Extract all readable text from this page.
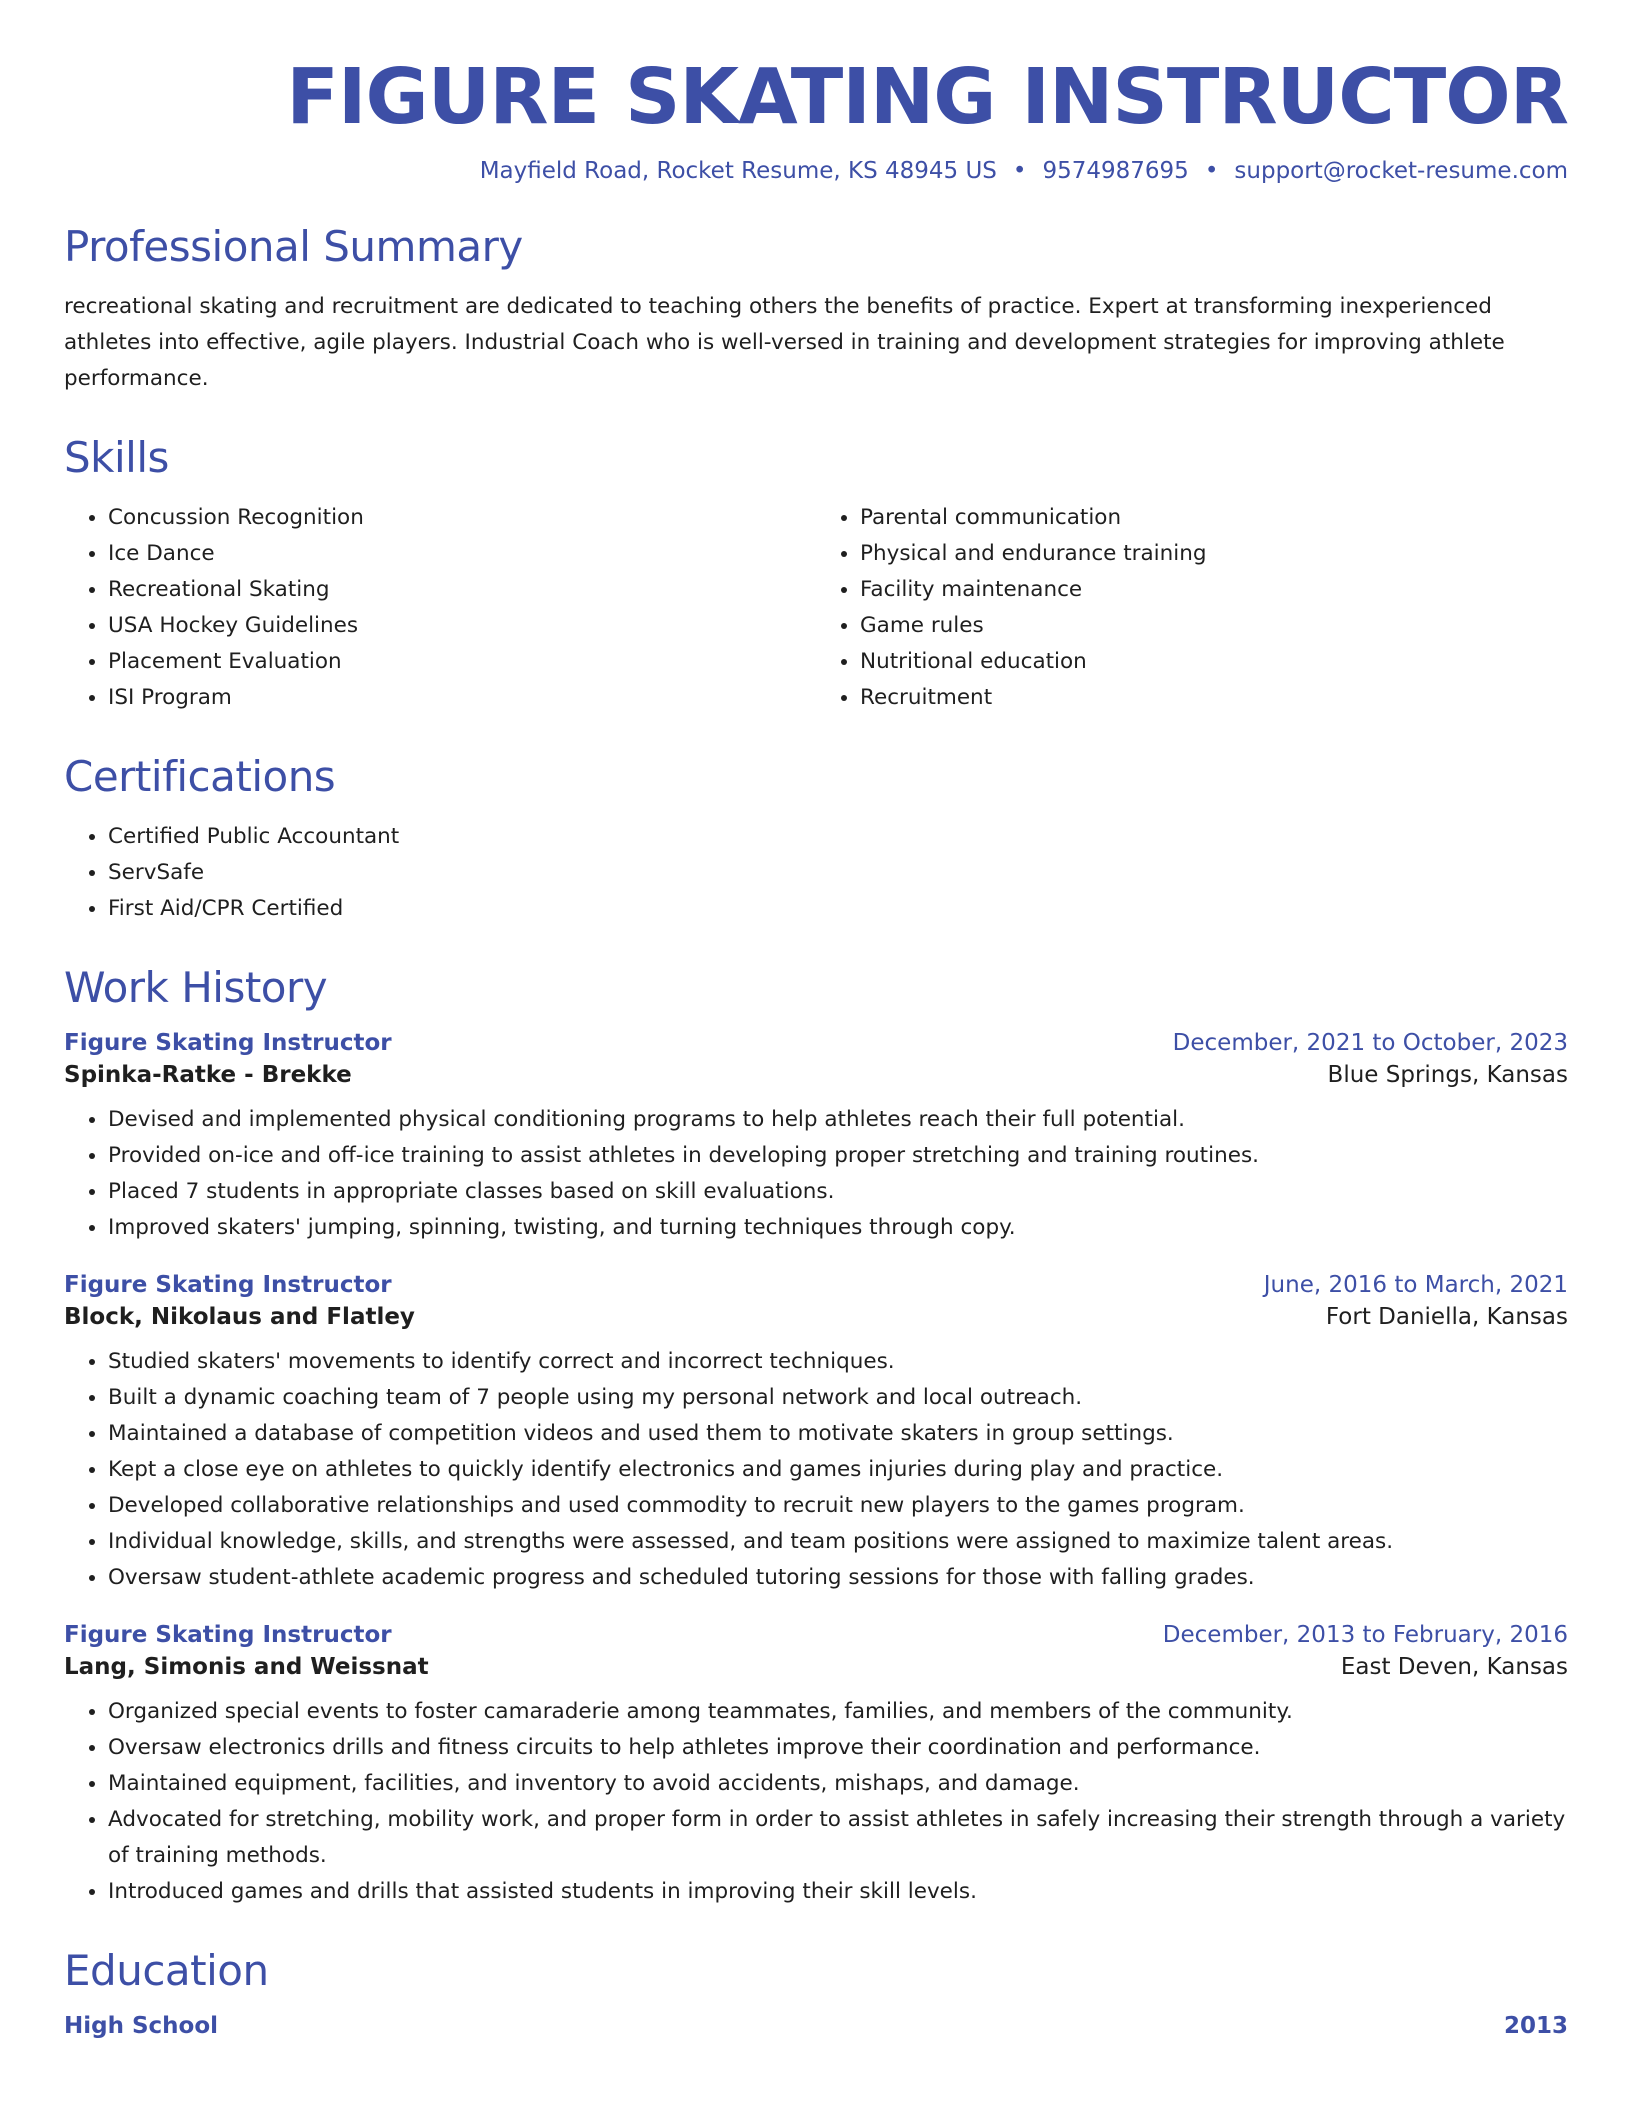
FIGURE SKATING INSTRUCTOR
Mayfield Road, Rocket Resume, KS 48945 US • 9574987695 • support@rocket-resume.com
Professional Summary

recreational skating and recruitment are dedicated to teaching others the benefits of practice. Expert at transforming inexperienced athletes into effective, agile players. Industrial Coach who is well-versed in training and development strategies for improving athlete performance.

Skills
• Concussion Recognition
• Ice Dance
• Recreational Skating
• USA Hockey Guidelines
• Placement Evaluation
• ISI Program
• Parental communication
• Physical and endurance training
• Facility maintenance
• Game rules
• Nutritional education
• Recruitment
Certifications
• Certified Public Accountant
• ServSafe
• First Aid/CPR Certified
Work History
Figure Skating Instructor	December, 2021 to October, 2023
Spinka-Ratke - Brekke	Blue Springs, Kansas
• Devised and implemented physical conditioning programs to help athletes reach their full potential.
• Provided on-ice and off-ice training to assist athletes in developing proper stretching and training routines.
• Placed 7 students in appropriate classes based on skill evaluations.
• Improved skaters' jumping, spinning, twisting, and turning techniques through copy.
Figure Skating Instructor	June, 2016 to March, 2021
Block, Nikolaus and Flatley	Fort Daniella, Kansas
• Studied skaters' movements to identify correct and incorrect techniques.
• Built a dynamic coaching team of 7 people using my personal network and local outreach.
• Maintained a database of competition videos and used them to motivate skaters in group settings.
• Kept a close eye on athletes to quickly identify electronics and games injuries during play and practice.
• Developed collaborative relationships and used commodity to recruit new players to the games program.
• Individual knowledge, skills, and strengths were assessed, and team positions were assigned to maximize talent areas.
• Oversaw student-athlete academic progress and scheduled tutoring sessions for those with falling grades.
Figure Skating Instructor	December, 2013 to February, 2016
Lang, Simonis and Weissnat	East Deven, Kansas
• Organized special events to foster camaraderie among teammates, families, and members of the community.
• Oversaw electronics drills and fitness circuits to help athletes improve their coordination and performance.
• Maintained equipment, facilities, and inventory to avoid accidents, mishaps, and damage.
• Advocated for stretching, mobility work, and proper form in order to assist athletes in safely increasing their strength through a variety of training methods.
• Introduced games and drills that assisted students in improving their skill levels.
Education
High School	2013
